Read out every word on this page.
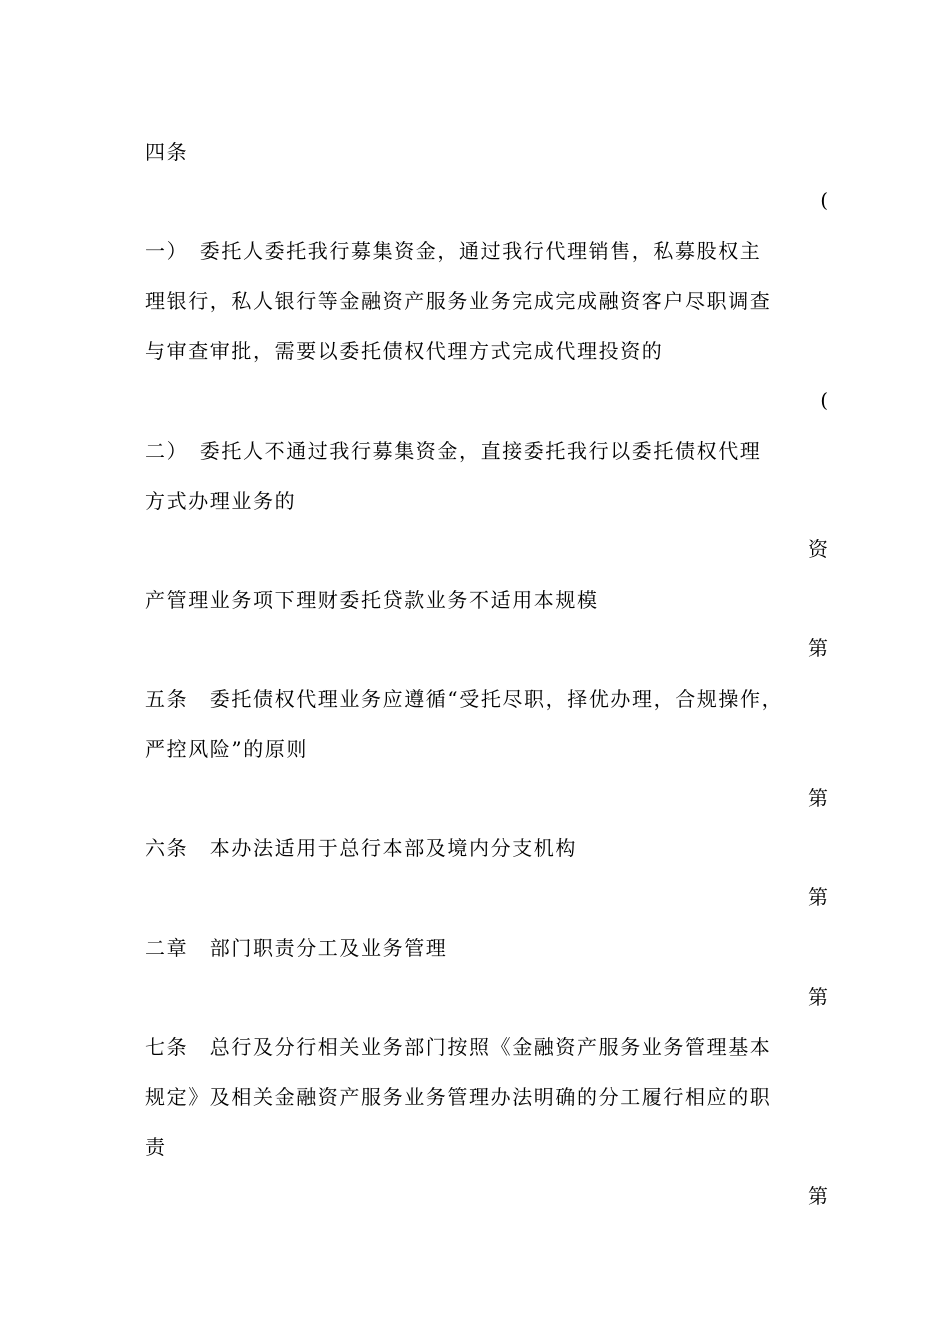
四条
(
一）　委托人委托我行募集资金，通过我行代理销售，私募股权主
理银行，私人银行等金融资产服务业务完成完成融资客户尽职调查
与审查审批，需要以委托债权代理方式完成代理投资的
(
二）　委托人不通过我行募集资金，直接委托我行以委托债权代理
方式办理业务的
资
产管理业务项下理财委托贷款业务不适用本规模
第
五条　委托债权代理业务应遵循“受托尽职，择优办理，合规操作，
严控风险”的原则
第
六条　本办法适用于总行本部及境内分支机构
第
二章　部门职责分工及业务管理
第
七条　总行及分行相关业务部门按照《金融资产服务业务管理基本
规定》及相关金融资产服务业务管理办法明确的分工履行相应的职
责
第
